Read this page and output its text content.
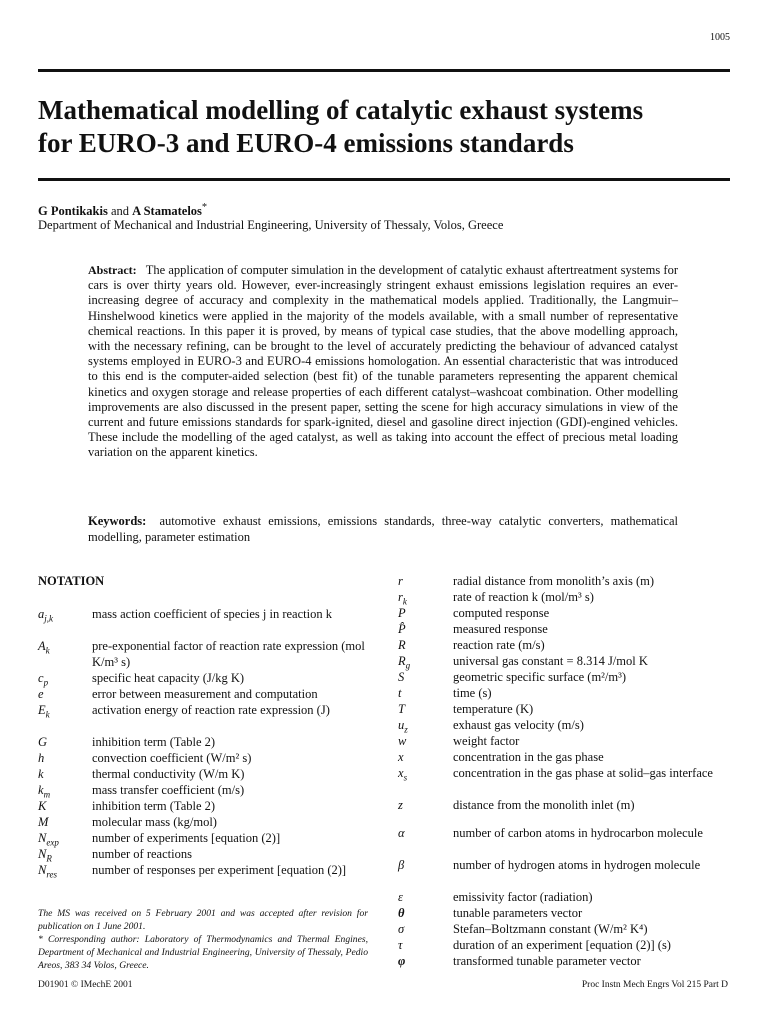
1005
Mathematical modelling of catalytic exhaust systems
for EURO-3 and EURO-4 emissions standards
G Pontikakis and A Stamatelos*
Department of Mechanical and Industrial Engineering, University of Thessaly, Volos, Greece
Abstract: The application of computer simulation in the development of catalytic exhaust aftertreatment systems for cars is over thirty years old. However, ever-increasingly stringent exhaust emissions legislation requires an ever-increasing degree of accuracy and complexity in the mathematical models applied. Traditionally, the Langmuir–Hinshelwood kinetics were applied in the majority of the models available, with a small number of representative chemical reactions. In this paper it is proved, by means of typical case studies, that the above modelling approach, with the necessary refining, can be brought to the level of accurately predicting the behaviour of advanced catalyst systems employed in EURO-3 and EURO-4 emissions homologation. An essential characteristic that was introduced to this end is the computer-aided selection (best fit) of the tunable parameters representing the apparent chemical kinetics and oxygen storage and release properties of each different catalyst–washcoat combination. Other modelling improvements are also discussed in the present paper, setting the scene for high accuracy simulations in view of the current and future emissions standards for spark-ignited, diesel and gasoline direct injection (GDI)-engined vehicles. These include the modelling of the aged catalyst, as well as taking into account the effect of precious metal loading variation on the apparent kinetics.
Keywords: automotive exhaust emissions, emissions standards, three-way catalytic converters, mathematical modelling, parameter estimation
NOTATION
$a_{j,k}$	mass action coefficient of species j in reaction k
$A_k$	pre-exponential factor of reaction rate expression (mol K/m³ s)
$c_p$	specific heat capacity (J/kg K)
e	error between measurement and computation
$E_k$	activation energy of reaction rate expression (J)
G	inhibition term (Table 2)
h	convection coefficient (W/m² s)
k	thermal conductivity (W/m K)
$k_m$	mass transfer coefficient (m/s)
K	inhibition term (Table 2)
M	molecular mass (kg/mol)
$N_{exp}$	number of experiments [equation (2)]
$N_R$	number of reactions
$N_{res}$	number of responses per experiment [equation (2)]
r	radial distance from monolith’s axis (m)
$r_k$	rate of reaction k (mol/m³ s)
P	computed response
P̂	measured response
R	reaction rate (m/s)
$R_g$	universal gas constant = 8.314 J/mol K
S	geometric specific surface (m²/m³)
t	time (s)
T	temperature (K)
$u_z$	exhaust gas velocity (m/s)
w	weight factor
x	concentration in the gas phase
$x_s$	concentration in the gas phase at solid–gas interface
z	distance from the monolith inlet (m)
α	number of carbon atoms in hydrocarbon molecule
β	number of hydrogen atoms in hydrogen molecule
ε	emissivity factor (radiation)
θ	tunable parameters vector
σ	Stefan–Boltzmann constant (W/m² K⁴)
τ	duration of an experiment [equation (2)] (s)
φ	transformed tunable parameter vector
The MS was received on 5 February 2001 and was accepted after revision for publication on 1 June 2001.
* Corresponding author: Laboratory of Thermodynamics and Thermal Engines, Department of Mechanical and Industrial Engineering, University of Thessaly, Pedio Areos, 383 34 Volos, Greece.
D01901 © IMechE 2001	Proc Instn Mech Engrs Vol 215 Part D
